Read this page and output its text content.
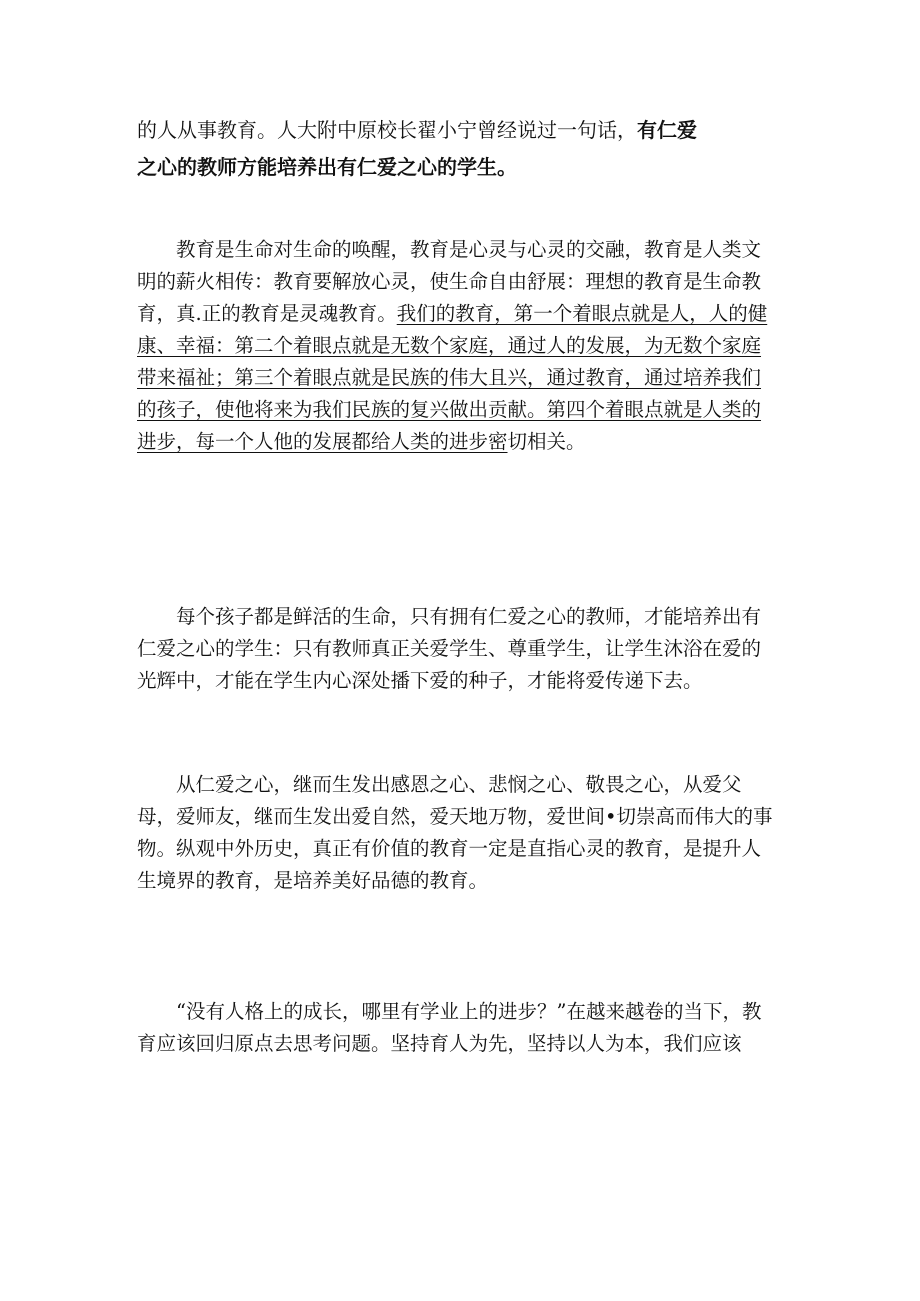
的人从事教育。人大附中原校长翟小宁曾经说过一句话，有仁爱
之心的教师方能培养出有仁爱之心的学生。

教育是生命对生命的唤醒，教育是心灵与心灵的交融，教育是人类文明的薪火相传：教育要解放心灵，使生命自由舒展：理想的教育是生命教育，真.正的教育是灵魂教育。我们的教育，第一个着眼点就是人，人的健康、幸福：第二个着眼点就是无数个家庭，通过人的发展，为无数个家庭带来福祉；第三个着眼点就是民族的伟大且兴，通过教育，通过培养我们的孩子，使他将来为我们民族的复兴做出贡献。第四个着眼点就是人类的进步，每一个人他的发展都给人类的进步密切相关。

每个孩子都是鲜活的生命，只有拥有仁爱之心的教师，才能培养出有仁爱之心的学生：只有教师真正关爱学生、尊重学生，让学生沐浴在爱的光辉中，才能在学生内心深处播下爱的种子，才能将爱传递下去。

从仁爱之心，继而生发出感恩之心、悲悯之心、敬畏之心，从爱父母，爱师友，继而生发出爱自然，爱天地万物，爱世间•切崇高而伟大的事物。纵观中外历史，真正有价值的教育一定是直指心灵的教育，是提升人生境界的教育，是培养美好品德的教育。

“没有人格上的成长，哪里有学业上的进步？”在越来越卷的当下，教育应该回归原点去思考问题。坚持育人为先，坚持以人为本，我们应该
